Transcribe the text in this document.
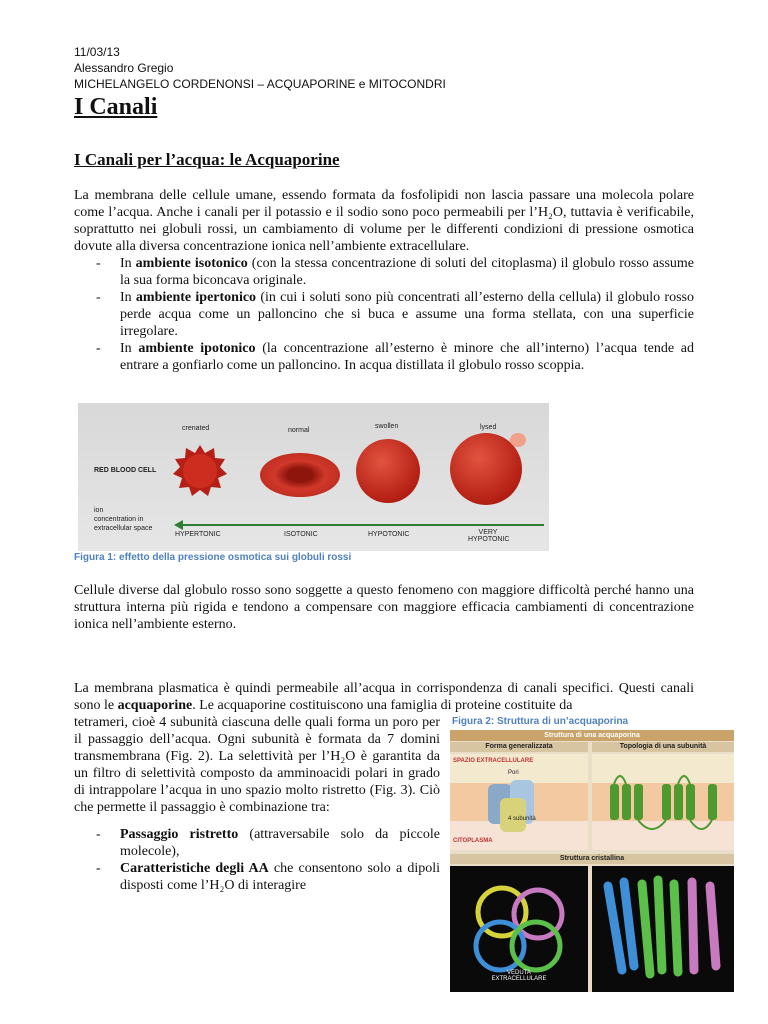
11/03/13
Alessandro Gregio
MICHELANGELO CORDENONSI – ACQUAPORINE e MITOCONDRI
I Canali
I Canali per l’acqua: le Acquaporine

La membrana delle cellule umane, essendo formata da fosfolipidi non lascia passare una molecola polare come l’acqua. Anche i canali per il potassio e il sodio sono poco permeabili per l’H₂O, tuttavia è verificabile, soprattutto nei globuli rossi, un cambiamento di volume per le differenti condizioni di pressione osmotica dovute alla diversa concentrazione ionica nell’ambiente extracellulare.

- In ambiente isotonico (con la stessa concentrazione di soluti del citoplasma) il globulo rosso assume la sua forma biconcava originale.
- In ambiente ipertonico (in cui i soluti sono più concentrati all’esterno della cellula) il globulo rosso perde acqua come un palloncino che si buca e assume una forma stellata, con una superficie irregolare.
- In ambiente ipotonico (la concentrazione all’esterno è minore che all’interno) l’acqua tende ad entrare a gonfiarlo come un palloncino. In acqua distillata il globulo rosso scoppia.
crenated	normal
swollen	lysed
RED BLOOD CELL
ion
concentration in
extracellular space
HYPERTONIC	ISOTONIC	HYPOTONIC	VERY HYPOTONIC
Figura 1: effetto della pressione osmotica sui globuli rossi
Cellule diverse dal globulo rosso sono soggette a questo fenomeno con maggiore difficoltà perché hanno una struttura interna più rigida e tendono a compensare con maggiore efficacia cambiamenti di concentrazione ionica nell’ambiente esterno.
La membrana plasmatica è quindi permeabile all’acqua in corrispondenza di canali specifici. Questi canali sono le acquaporine. Le acquaporine costituiscono una famiglia di proteine costituite da

tetrameri, cioè 4 subunità ciascuna delle quali forma un poro per il passaggio dell’acqua. Ogni subunità è formata da 7 domini transmembrana (Fig. 2). La selettività per l’H₂O è garantita da un filtro di selettività composto da amminoacidi polari in grado di intrappolare l’acqua in uno spazio molto ristretto (Fig. 3). Ciò che permette il passaggio è combinazione tra:

- Passaggio ristretto (attraversabile solo da piccole molecole),
- Caratteristiche degli AA che consentono solo a dipoli disposti come l’H₂O di interagire
Figura 2: Struttura di un’acquaporina
Struttura di una acquaporina
Forma generalizzata	Topologia di una subunità
SPAZIO EXTRACELLULARE
Pori
4 subunità
CITOPLASMA
Struttura cristallina
VEDUTA EXTRACELLULARE
